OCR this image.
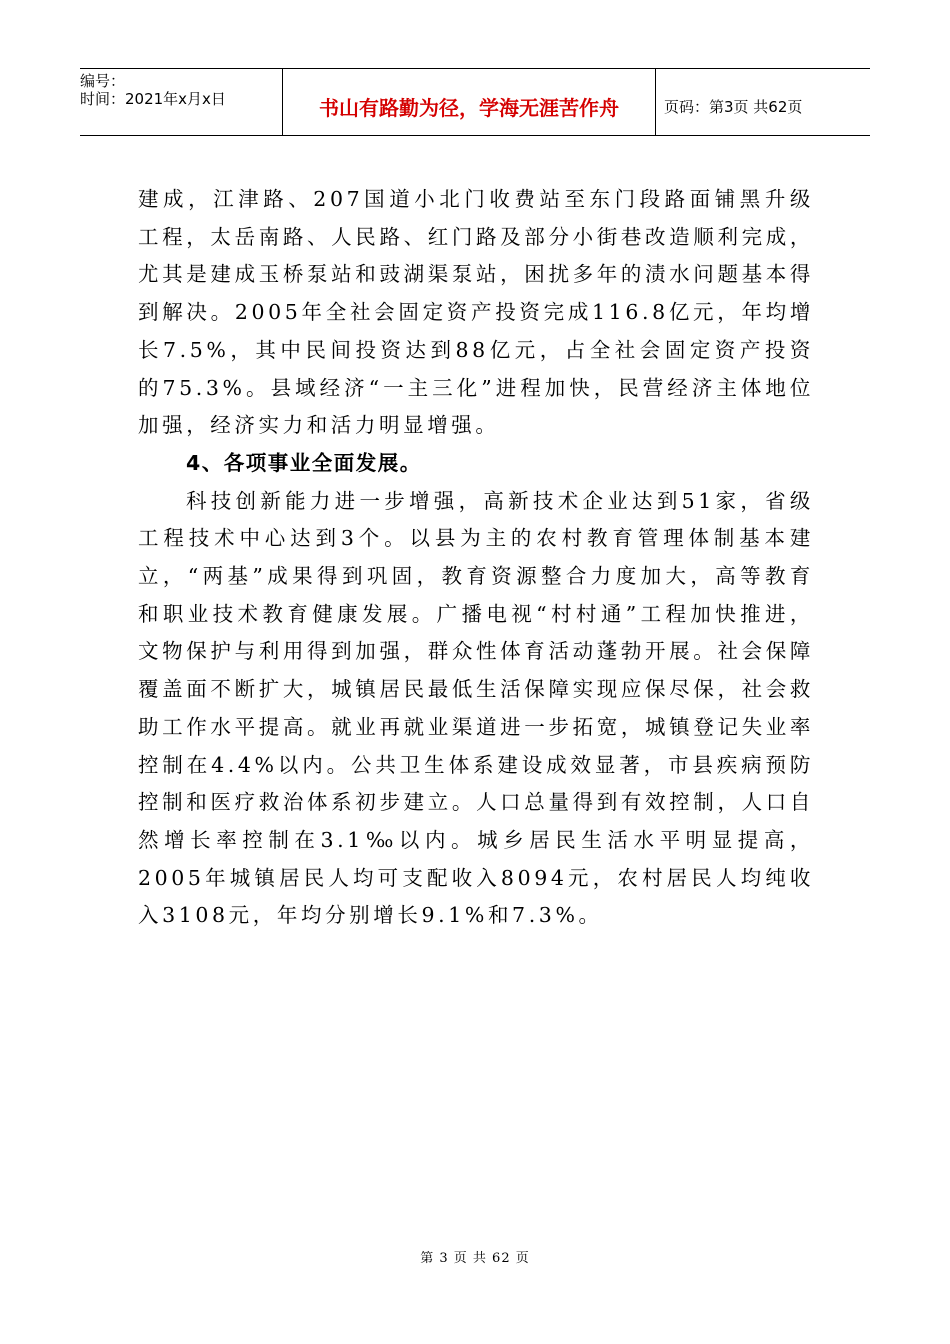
编号：
时间：2021年x月x日	书山有路勤为径，学海无涯苦作舟	页码：第3页 共62页

建成，江津路、207国道小北门收费站至东门段路面铺黑升级工程，太岳南路、人民路、红门路及部分小街巷改造顺利完成，尤其是建成玉桥泵站和豉湖渠泵站，困扰多年的渍水问题基本得到解决。2005年全社会固定资产投资完成116.8亿元，年均增长7.5%，其中民间投资达到88亿元，占全社会固定资产投资的75.3%。县域经济“一主三化”进程加快，民营经济主体地位加强，经济实力和活力明显增强。

4、各项事业全面发展。

科技创新能力进一步增强，高新技术企业达到51家，省级工程技术中心达到3个。以县为主的农村教育管理体制基本建立，“两基”成果得到巩固，教育资源整合力度加大，高等教育和职业技术教育健康发展。广播电视“村村通”工程加快推进，文物保护与利用得到加强，群众性体育活动蓬勃开展。社会保障覆盖面不断扩大，城镇居民最低生活保障实现应保尽保，社会救助工作水平提高。就业再就业渠道进一步拓宽，城镇登记失业率控制在4.4%以内。公共卫生体系建设成效显著，市县疾病预防控制和医疗救治体系初步建立。人口总量得到有效控制，人口自然增长率控制在3.1‰以内。城乡居民生活水平明显提高，2005年城镇居民人均可支配收入8094元，农村居民人均纯收入3108元，年均分别增长9.1%和7.3%。

第 3 页 共 62 页
